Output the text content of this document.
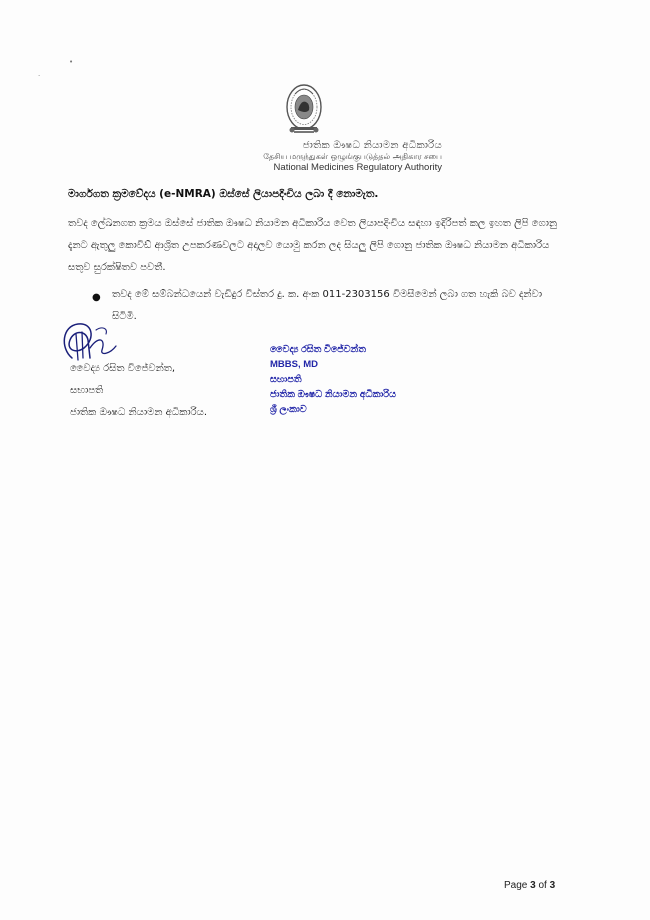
•
·
ජාතික ඖෂධ නියාමන අධිකාරිය
தேசிய மருந்துகள் ஒழுங்குபடுத்தல் அதிகார சபை
National Medicines Regulatory Authority
මාර්ගගත ක්‍රමවේදය (e-NMRA) ඔස්සේ ලියාපදිංචිය ලබා දී නොමැත.
තවද ලේඛනගත ක්‍රමය ඔස්සේ ජාතික ඖෂධ නියාමන අධිකාරිය වෙත ලියාපදිංචිය සඳහා ඉදිරිපත් කල ඉහත ලිපි ගොනු දැනට ඇතුලු කොවිඩ් ආශ්‍රිත උපකරණවලට අදාලව යොමු කරන ලද සියලු ලිපි ගොනු ජාතික ඖෂධ නියාමන අධිකාරිය සතුව සුරක්ෂිතව පවතී.
● තවද මේ සම්බන්ධයෙන් වැඩිදුර විස්තර දු. ක. අංක 011-2303156 විමසීමෙන් ලබා ගත හැකි බව දන්වා සිටිමි.
වෛද්‍ය රසිත විජේවන්ත,
සභාපති
ජාතික ඖෂධ නියාමන අධිකාරිය.
වෛද්‍ය රසිත විජේවන්ත
MBBS, MD
සභාපති
ජාතික ඖෂධ නියාමන අධිකාරිය
ශ්‍රී ලංකාව
Page 3 of 3
